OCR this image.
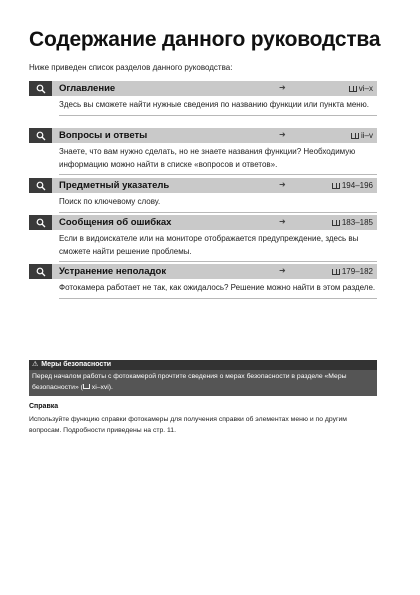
Содержание данного руководства
Ниже приведен список разделов данного руководства:
Оглавление	➜	vi–x
Здесь вы сможете найти нужные сведения по названию функции или пункта меню.
Вопросы и ответы	➜	ii–v
Знаете, что вам нужно сделать, но не знаете названия функции? Необходимую информацию можно найти в списке «вопросов и ответов».
Предметный указатель	➜	194–196
Поиск по ключевому слову.
Сообщения об ошибках	➜	183–185
Если в видоискателе или на мониторе отображается предупреждение, здесь вы сможете найти решение проблемы.
Устранение неполадок	➜	179–182
Фотокамера работает не так, как ожидалось? Решение можно найти в этом разделе.
⚠ Меры безопасности
Перед началом работы с фотокамерой прочтите сведения о мерах безопасности в разделе «Меры безопасности» ( xi–xvi).
Справка
Используйте функцию справки фотокамеры для получения справки об элементах меню и по другим вопросам. Подробности приведены на стр. 11.
